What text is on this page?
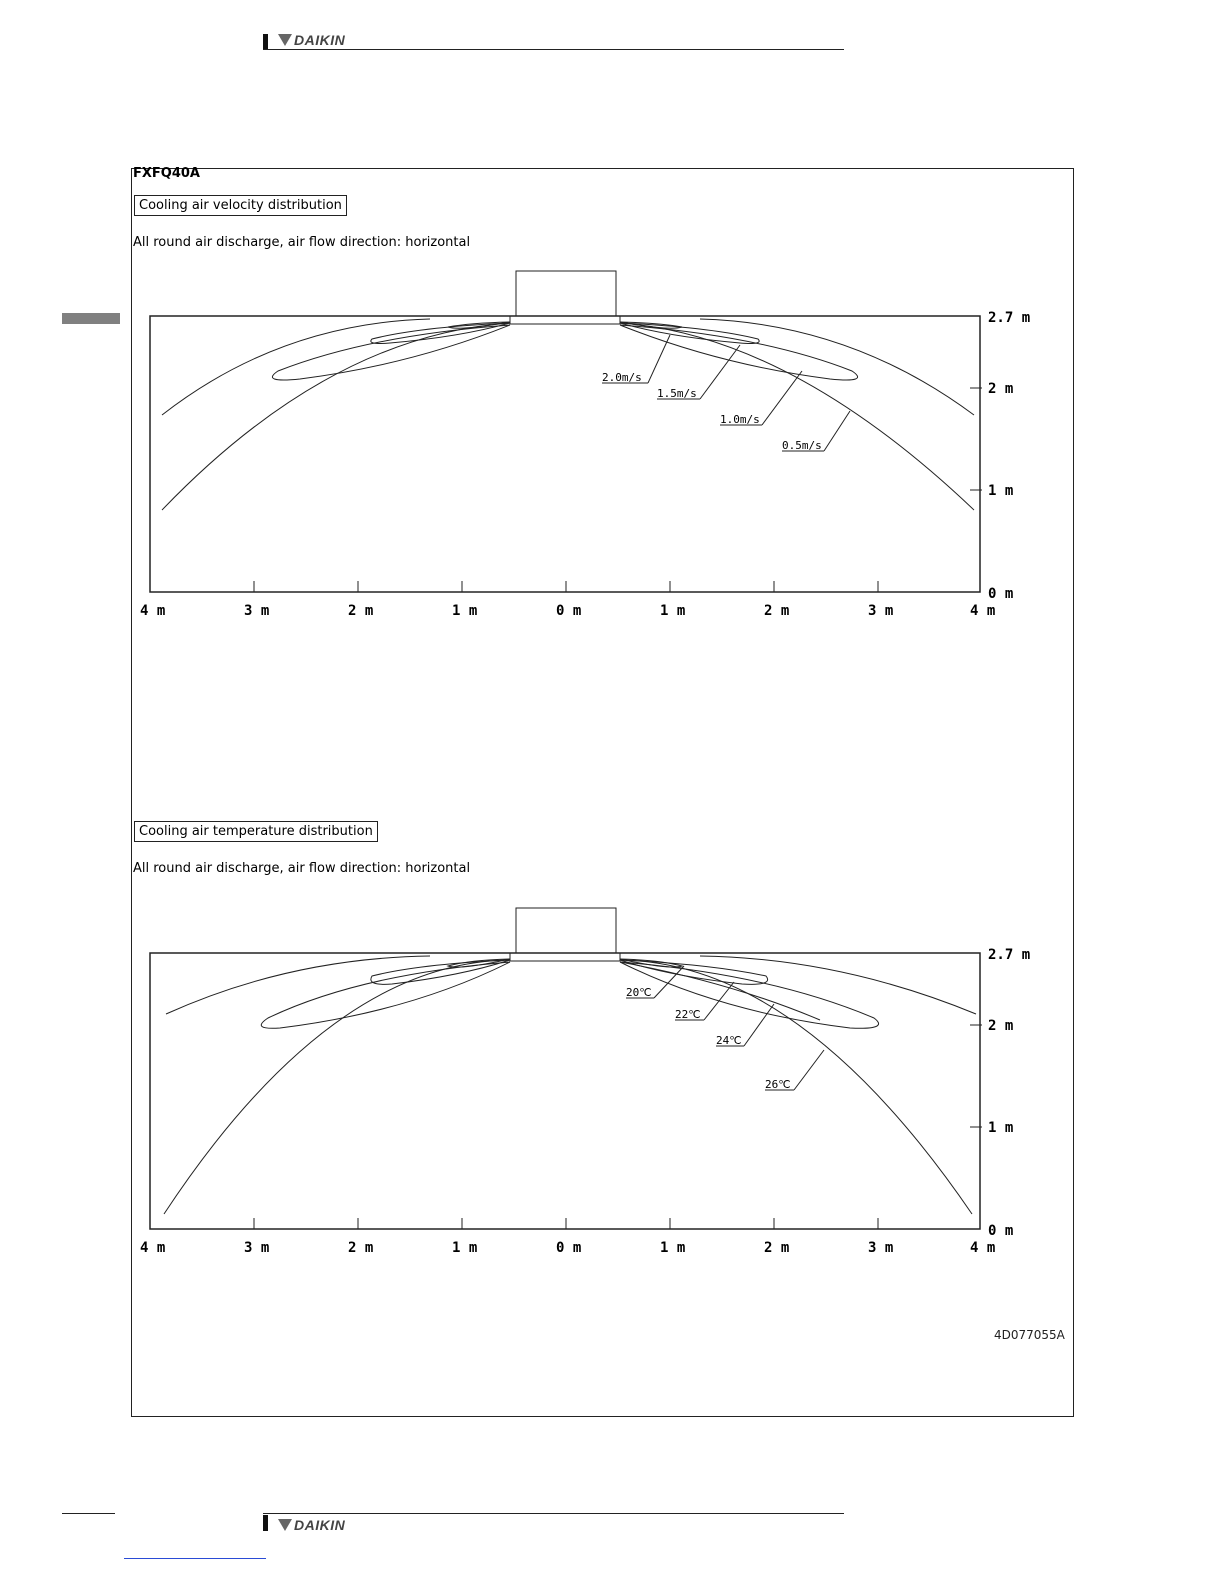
DAIKIN
FXFQ40A
Cooling air velocity distribution
All round air discharge, air flow direction: horizontal
2.0m/s
1.5m/s
1.0m/s
0.5m/s
2.7 m
2 m
1 m
0 m
4 m	3 m	2 m	1 m	0 m	1 m	2 m	3 m	4 m
Cooling air temperature distribution
All round air discharge, air flow direction: horizontal
20℃
22℃
24℃
26℃
2.7 m
2 m
1 m
0 m
4 m	3 m	2 m	1 m	0 m	1 m	2 m	3 m	4 m
4D077055A
DAIKIN
